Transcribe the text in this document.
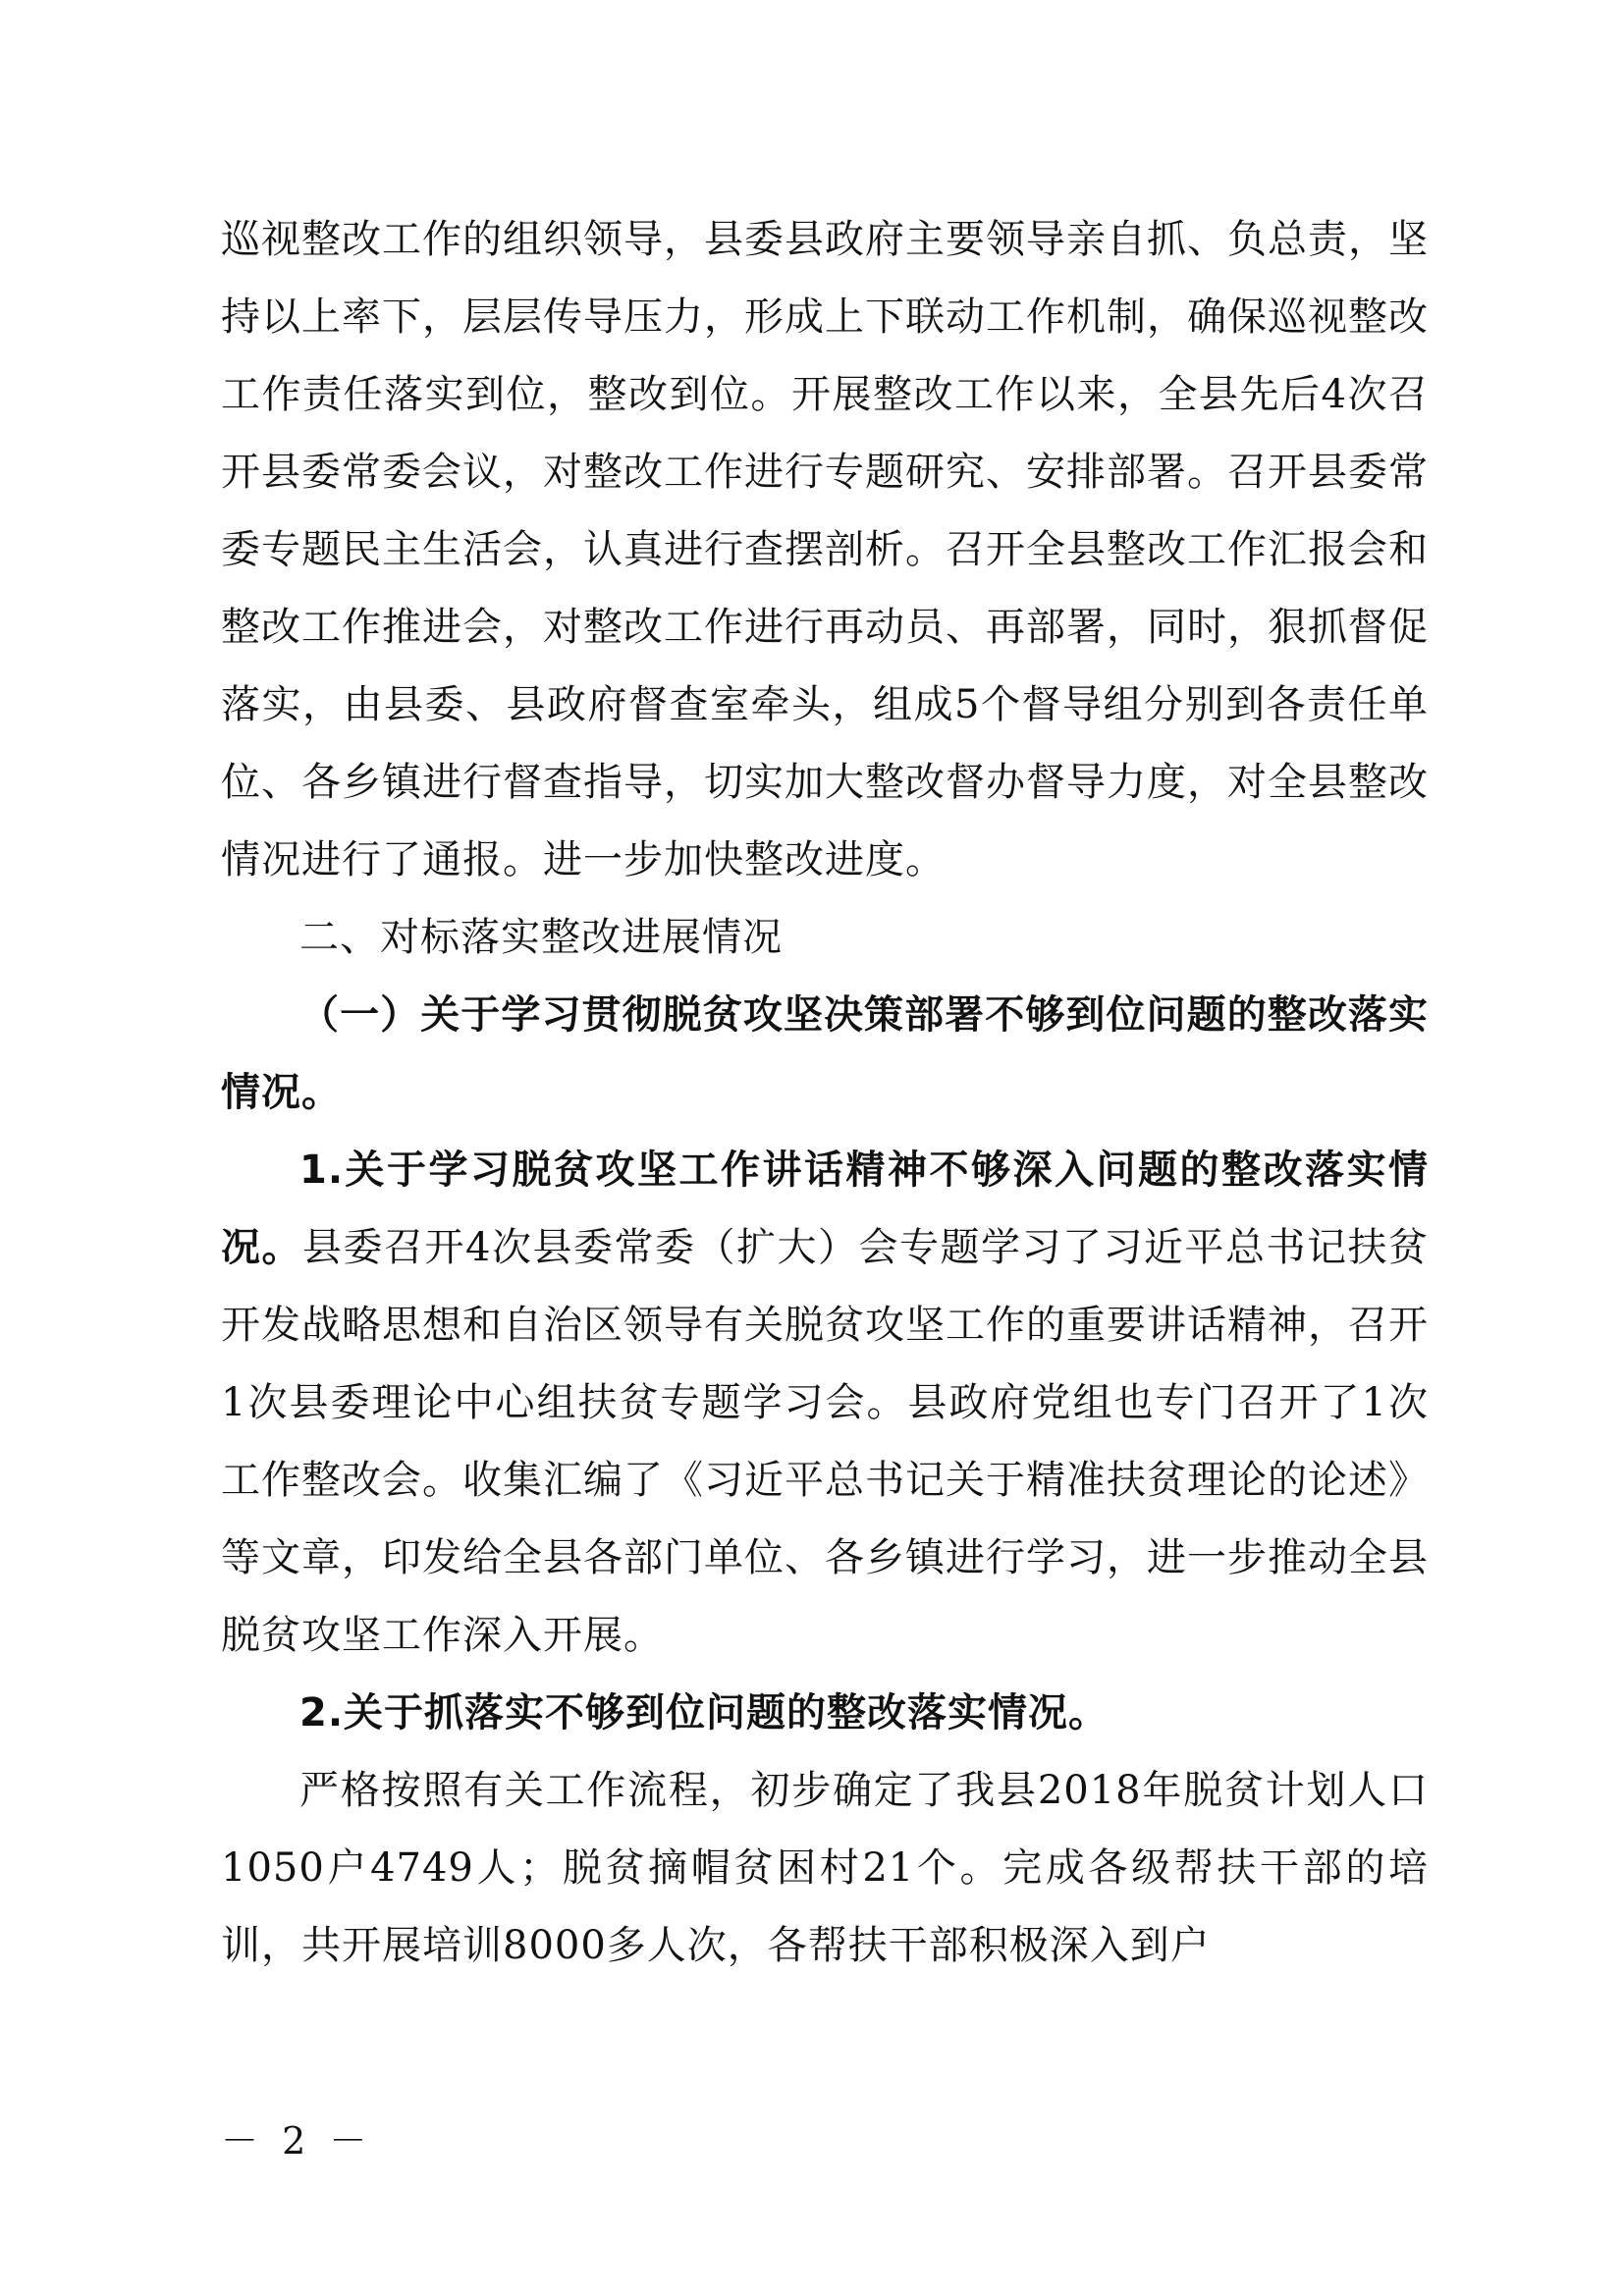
巡视整改工作的组织领导，县委县政府主要领导亲自抓、负总责，坚持以上率下，层层传导压力，形成上下联动工作机制，确保巡视整改工作责任落实到位，整改到位。开展整改工作以来，全县先后4次召开县委常委会议，对整改工作进行专题研究、安排部署。召开县委常委专题民主生活会，认真进行查摆剖析。召开全县整改工作汇报会和整改工作推进会，对整改工作进行再动员、再部署，同时，狠抓督促落实，由县委、县政府督查室牵头，组成5个督导组分别到各责任单位、各乡镇进行督查指导，切实加大整改督办督导力度，对全县整改情况进行了通报。进一步加快整改进度。

二、对标落实整改进展情况

（一）关于学习贯彻脱贫攻坚决策部署不够到位问题的整改落实情况。

1.关于学习脱贫攻坚工作讲话精神不够深入问题的整改落实情况。县委召开4次县委常委（扩大）会专题学习了习近平总书记扶贫开发战略思想和自治区领导有关脱贫攻坚工作的重要讲话精神，召开1次县委理论中心组扶贫专题学习会。县政府党组也专门召开了1次工作整改会。收集汇编了《习近平总书记关于精准扶贫理论的论述》等文章，印发给全县各部门单位、各乡镇进行学习，进一步推动全县脱贫攻坚工作深入开展。

2.关于抓落实不够到位问题的整改落实情况。

严格按照有关工作流程，初步确定了我县2018年脱贫计划人口1050户4749人；脱贫摘帽贫困村21个。完成各级帮扶干部的培训，共开展培训8000多人次，各帮扶干部积极深入到户

－ 2 －
